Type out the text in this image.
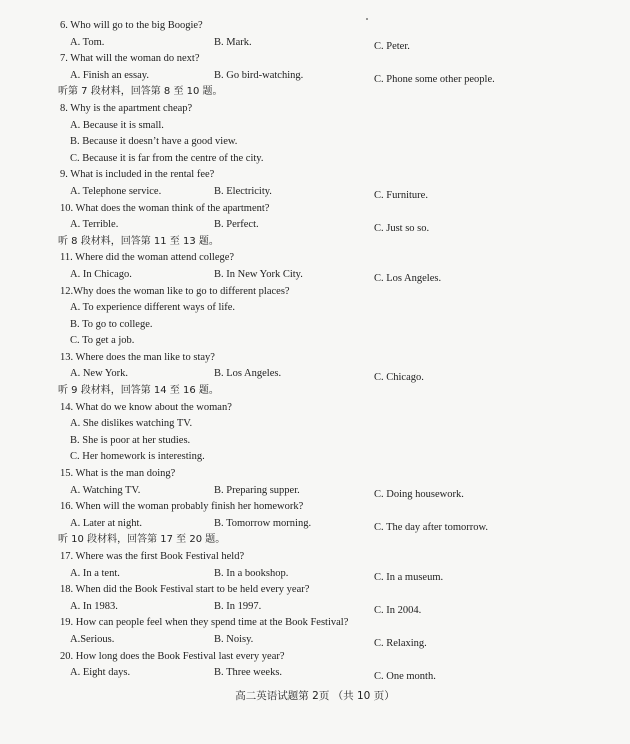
6. Who will go to the big Boogie?
A. Tom.	B. Mark.	C. Peter.
7. What will the woman do next?
A. Finish an essay.	B. Go bird-watching.	C. Phone some other people.
听第 7 段材料，回答第 8 至 10 题。
8. Why is the apartment cheap?
A. Because it is small.
B. Because it doesn’t have a good view.
C. Because it is far from the centre of the city.
9. What is included in the rental fee?
A. Telephone service.	B. Electricity.	C. Furniture.
10. What does the woman think of the apartment?
A. Terrible.	B. Perfect.	C. Just so so.
听 8 段材料，回答第 11 至 13 题。
11. Where did the woman attend college?
A. In Chicago.	B. In New York City.	C. Los Angeles.
12.Why does the woman like to go to different places?
A. To experience different ways of life.
B. To go to college.
C. To get a job.
13. Where does the man like to stay?
A. New York.	B. Los Angeles.	C. Chicago.
听 9 段材料，回答第 14 至 16 题。
14. What do we know about the woman?
A. She dislikes watching TV.
B. She is poor at her studies.
C. Her homework is interesting.
15. What is the man doing?
A. Watching TV.	B. Preparing supper.	C. Doing housework.
16. When will the woman probably finish her homework?
A. Later at night.	B. Tomorrow morning.	C. The day after tomorrow.
听 10 段材料，回答第 17 至 20 题。
17. Where was the first Book Festival held?
A. In a tent.	B. In a bookshop.	C. In a museum.
18. When did the Book Festival start to be held every year?
A. In 1983.	B. In 1997.	C. In 2004.
19. How can people feel when they spend time at the Book Festival?
A.Serious.	B. Noisy.	C. Relaxing.
20. How long does the Book Festival last every year?
A. Eight days.	B. Three weeks.	C. One month.
高二英语试题第 2页 （共 10 页）
